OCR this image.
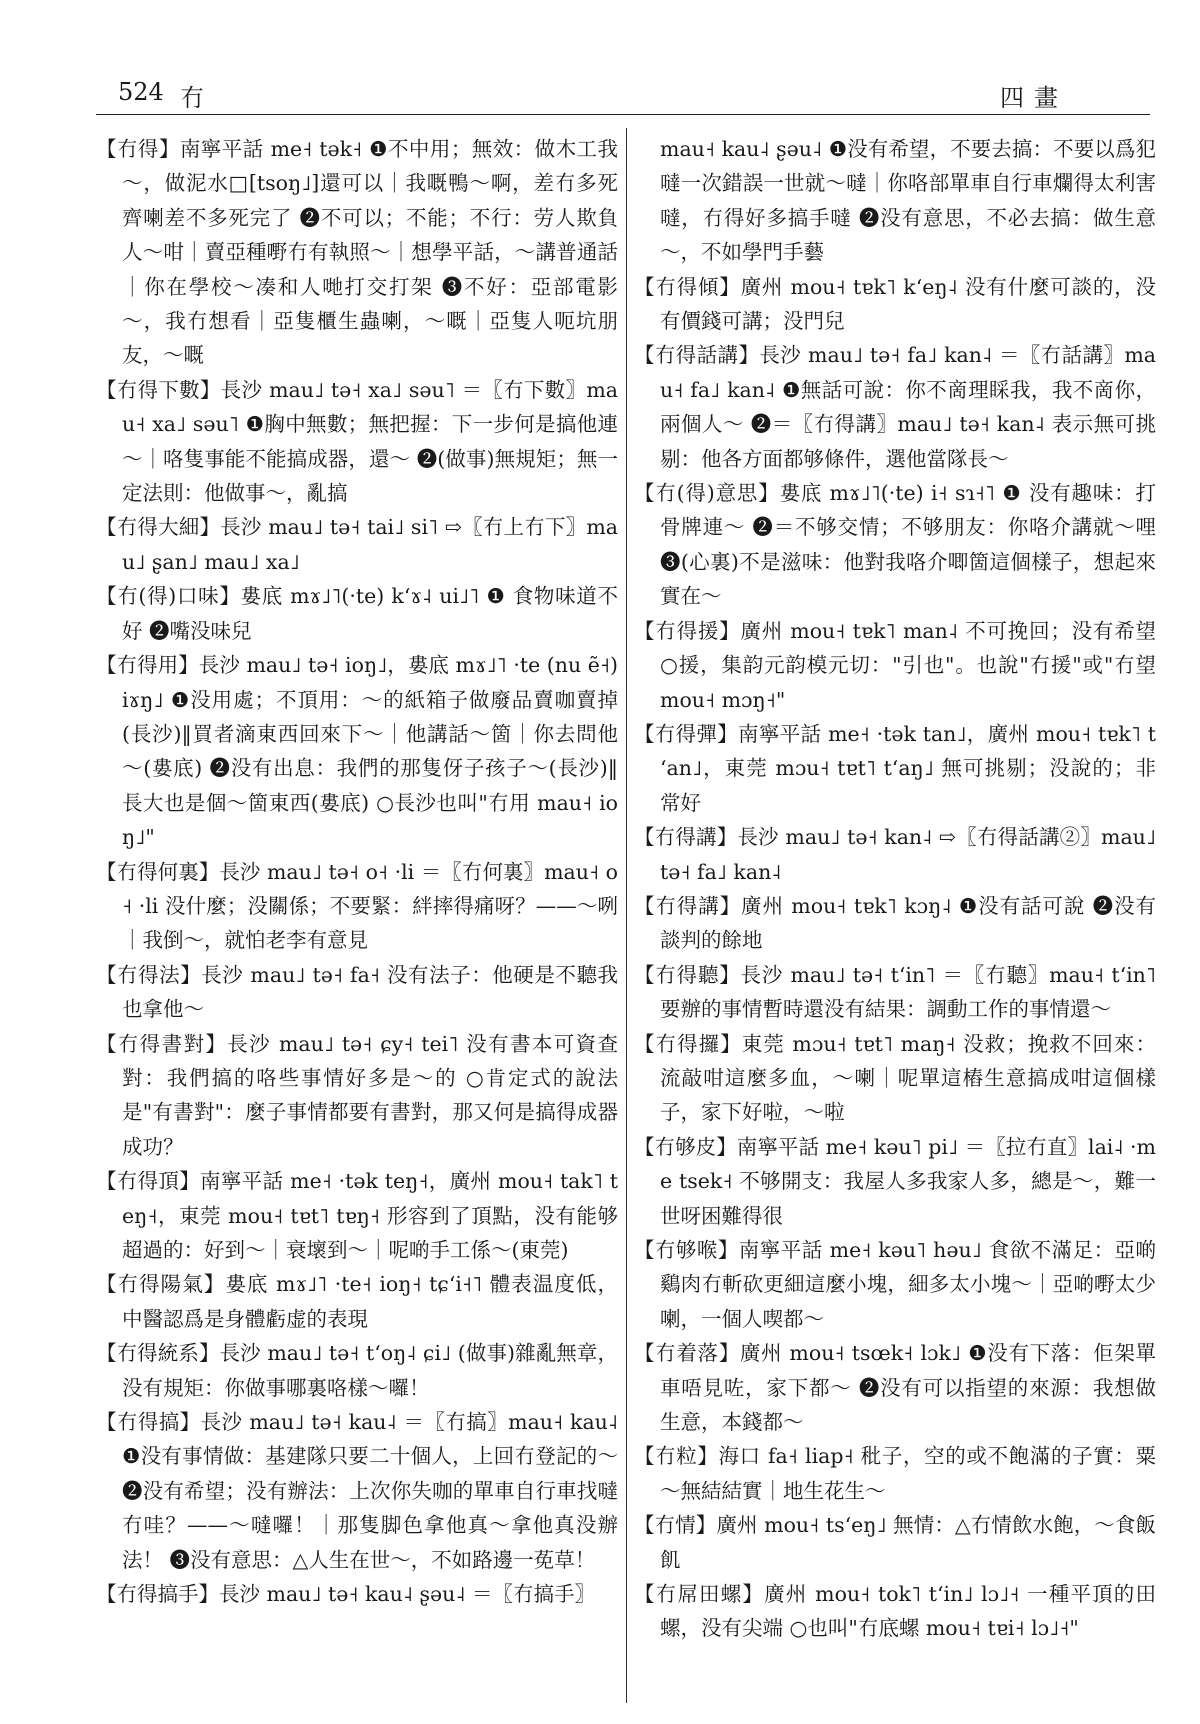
524 冇	四畫

【冇得】南寧平話 me˧ tək˧ ❶不中用；無效：做木工我～，做泥水□[tsoŋ˩]還可以｜我嘅鴨～啊，差冇多死齊喇差不多死完了 ❷不可以；不能；不行：劳人欺負人～咁｜賣亞種嘢冇有執照～｜想學平話，～講普通話｜你在學校～凑和人哋打交打架 ❸不好：亞部電影～，我冇想看｜亞隻櫃生蟲喇，～嘅｜亞隻人呃坑朋友，～嘅

【冇得下數】長沙 mau˩ tə˧ xa˩ səu˥ ＝〖冇下數〗mau˧ xa˩ səu˥ ❶胸中無數；無把握：下一步何是搞他連～｜咯隻事能不能搞成器，還～ ❷(做事)無規矩；無一定法則：他做事～，亂搞

【冇得大細】長沙 mau˩ tə˧ tai˩ si˥ ⇨〖冇上冇下〗mau˩ ʂan˩ mau˩ xa˩

【冇(得)口味】婁底 mɤ˩˥(·te) kʻɤ˨ ui˩˥ ❶ 食物味道不好 ❷嘴没味兒

【冇得用】長沙 mau˩ tə˧ ioŋ˩，婁底 mɤ˩˥ ·te (nu ẽ˧) iɤŋ˩ ❶没用處；不頂用：～的紙箱子做廢品賣咖賣掉(長沙)‖買者滴東西回來下～｜他講話～箇｜你去問他～(婁底) ❷没有出息：我們的那隻伢子孩子～(長沙)‖長大也是個～箇東西(婁底) ○長沙也叫"冇用 mau˧ ioŋ˩"

【冇得何裏】長沙 mau˩ tə˧ o˧ ·li ＝〖冇何裏〗mau˧ o˧ ·li 没什麼；没關係；不要緊：絆摔得痛呀？——～咧｜我倒～，就怕老李有意見

【冇得法】長沙 mau˩ tə˧ fa˧ 没有法子：他硬是不聽我也拿他～

【冇得書對】長沙 mau˩ tə˧ ɕy˧ tei˥ 没有書本可資查對：我們搞的咯些事情好多是～的 ○肯定式的說法是"有書對"：麼子事情都要有書對，那又何是搞得成器成功？

【冇得頂】南寧平話 me˧ ·tək teŋ˧，廣州 mou˧ tak˥ teŋ˧，東莞 mou˧ tɐt˥ tɐŋ˧ 形容到了頂點，没有能够超過的：好到～｜衰壞到～｜呢啲手工係～(東莞)

【冇得陽氣】婁底 mɤ˩˥ ·te˧ ioŋ˧ tɕʻi˧˥ 體表温度低，中醫認爲是身體虧虚的表現

【冇得統系】長沙 mau˩ tə˧ tʻoŋ˨ ɕi˩ (做事)雜亂無章，没有規矩：你做事哪裏咯樣～囉！

【冇得搞】長沙 mau˩ tə˧ kau˨ ＝〖冇搞〗mau˧ kau˨ ❶没有事情做：基建隊只要二十個人，上回冇登記的～ ❷没有希望；没有辦法：上次你失咖的單車自行車找噠冇哇？——～噠囉！｜那隻脚色拿他真～拿他真没辦法！ ❸没有意思：△人生在世～，不如路邊一莬草！

【冇得搞手】長沙 mau˩ tə˧ kau˨ ʂəu˨ ＝〖冇搞手〗

mau˧ kau˨ ʂəu˨ ❶没有希望，不要去搞：不要以爲犯噠一次錯誤一世就～噠｜你咯部單車自行車爛得太利害噠，冇得好多搞手噠 ❷没有意思，不必去搞：做生意～，不如學門手藝

【冇得傾】廣州 mou˧ tɐk˥ kʻeŋ˨ 没有什麼可談的，没有價錢可講；没門兒

【冇得話講】長沙 mau˩ tə˧ fa˩ kan˨ ＝〖冇話講〗mau˧ fa˩ kan˨ ❶無話可說：你不啇理睬我，我不啇你，兩個人～ ❷＝〖冇得講〗mau˩ tə˧ kan˨ 表示無可挑剔：他各方面都够條件，選他當隊長～

【冇(得)意思】婁底 mɤ˩˥(·te) i˧ sɿ˧˥ ❶ 没有趣味：打骨牌連～ ❷＝不够交情；不够朋友：你咯介講就～哩 ❸(心裏)不是滋味：他對我咯介唧箇這個樣子，想起來實在～

【冇得援】廣州 mou˧ tɐk˥ man˨ 不可挽回；没有希望 ○援，集韵元韵模元切："引也"。也說"冇援"或"冇望 mou˧ mɔŋ˧"

【冇得彈】南寧平話 me˧ ·tək tan˩，廣州 mou˧ tɐk˥ tʻan˩，東莞 mɔu˧ tɐt˥ tʻaŋ˩ 無可挑剔；没說的；非常好

【冇得講】長沙 mau˩ tə˧ kan˨ ⇨〖冇得話講②〗mau˩ tə˧ fa˩ kan˨

【冇得講】廣州 mou˧ tɐk˥ kɔŋ˨ ❶没有話可說 ❷没有談判的餘地

【冇得聽】長沙 mau˩ tə˧ tʻin˥ ＝〖冇聽〗mau˧ tʻin˥ 要辦的事情暫時還没有結果：調動工作的事情還～

【冇得攞】東莞 mɔu˧ tɐt˥ maŋ˧ 没救；挽救不回來：流敲咁這麼多血，～喇｜呢單這樁生意搞成咁這個樣子，家下好啦，～啦

【冇够皮】南寧平話 me˧ kəu˥ pi˩ ＝〖拉冇直〗lai˨ ·me tsek˧ 不够開支：我屋人多我家人多，總是～，難一世呀困難得很

【冇够喉】南寧平話 me˧ kəu˥ həu˩ 食欲不滿足：亞啲鷄肉冇斬砍更細這麼小塊，細多太小塊～｜亞啲嘢太少喇，一個人喫都～

【冇着落】廣州 mou˧ tsœk˧ lɔk˩ ❶没有下落：佢架單車唔見咗，家下都～ ❷没有可以指望的來源：我想做生意，本錢都～

【冇粒】海口 fa˧ liap˧ 秕子，空的或不飽滿的子實：粟～無結結實｜地生花生～

【冇情】廣州 mou˧ tsʻeŋ˩ 無情：△冇情飲水飽，～食飯飢

【冇屌田螺】廣州 mou˧ tok˥ tʻin˩ lɔ˩˧ 一種平頂的田螺，没有尖端 ○也叫"冇底螺 mou˧ tɐi˧ lɔ˩˧"
